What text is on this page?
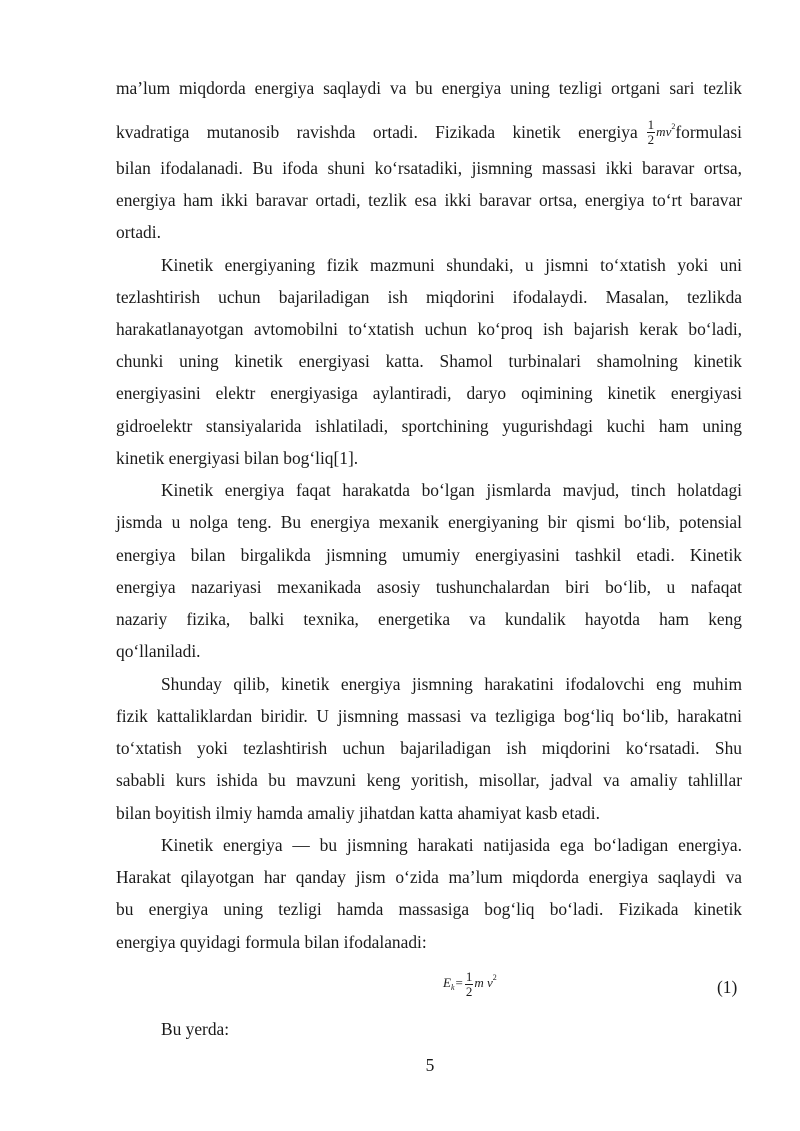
ma’lum miqdorda energiya saqlaydi va bu energiya uning tezligi ortgani sari tezlik
kvadratiga mutanosib ravishda ortadi. Fizikada kinetik energiya $\frac{1}{2} mv^2$ formulasi
bilan ifodalanadi. Bu ifoda shuni ko‘rsatadiki, jismning massasi ikki baravar ortsa,
energiya ham ikki baravar ortadi, tezlik esa ikki baravar ortsa, energiya to‘rt baravar
ortadi.
Kinetik energiyaning fizik mazmuni shundaki, u jismni to‘xtatish yoki uni
tezlashtirish uchun bajariladigan ish miqdorini ifodalaydi. Masalan, tezlikda
harakatlanayotgan avtomobilni to‘xtatish uchun ko‘proq ish bajarish kerak bo‘ladi,
chunki uning kinetik energiyasi katta. Shamol turbinalari shamolning kinetik
energiyasini elektr energiyasiga aylantiradi, daryo oqimining kinetik energiyasi
gidroelektr stansiyalarida ishlatiladi, sportchining yugurishdagi kuchi ham uning
kinetik energiyasi bilan bog‘liq[1].
Kinetik energiya faqat harakatda bo‘lgan jismlarda mavjud, tinch holatdagi
jismda u nolga teng. Bu energiya mexanik energiyaning bir qismi bo‘lib, potensial
energiya bilan birgalikda jismning umumiy energiyasini tashkil etadi. Kinetik
energiya nazariyasi mexanikada asosiy tushunchalardan biri bo‘lib, u nafaqat
nazariy fizika, balki texnika, energetika va kundalik hayotda ham keng
qo‘llaniladi.
Shunday qilib, kinetik energiya jismning harakatini ifodalovchi eng muhim
fizik kattaliklardan biridir. U jismning massasi va tezligiga bog‘liq bo‘lib, harakatni
to‘xtatish yoki tezlashtirish uchun bajariladigan ish miqdorini ko‘rsatadi. Shu
sababli kurs ishida bu mavzuni keng yoritish, misollar, jadval va amaliy tahlillar
bilan boyitish ilmiy hamda amaliy jihatdan katta ahamiyat kasb etadi.
Kinetik energiya — bu jismning harakati natijasida ega bo‘ladigan energiya.
Harakat qilayotgan har qanday jism o‘zida ma’lum miqdorda energiya saqlaydi va
bu energiya uning tezligi hamda massasiga bog‘liq bo‘ladi. Fizikada kinetik
energiya quyidagi formula bilan ifodalanadi:
$E_k= \frac{1}{2}$ m $v^2$	(1)
Bu yerda:
5
